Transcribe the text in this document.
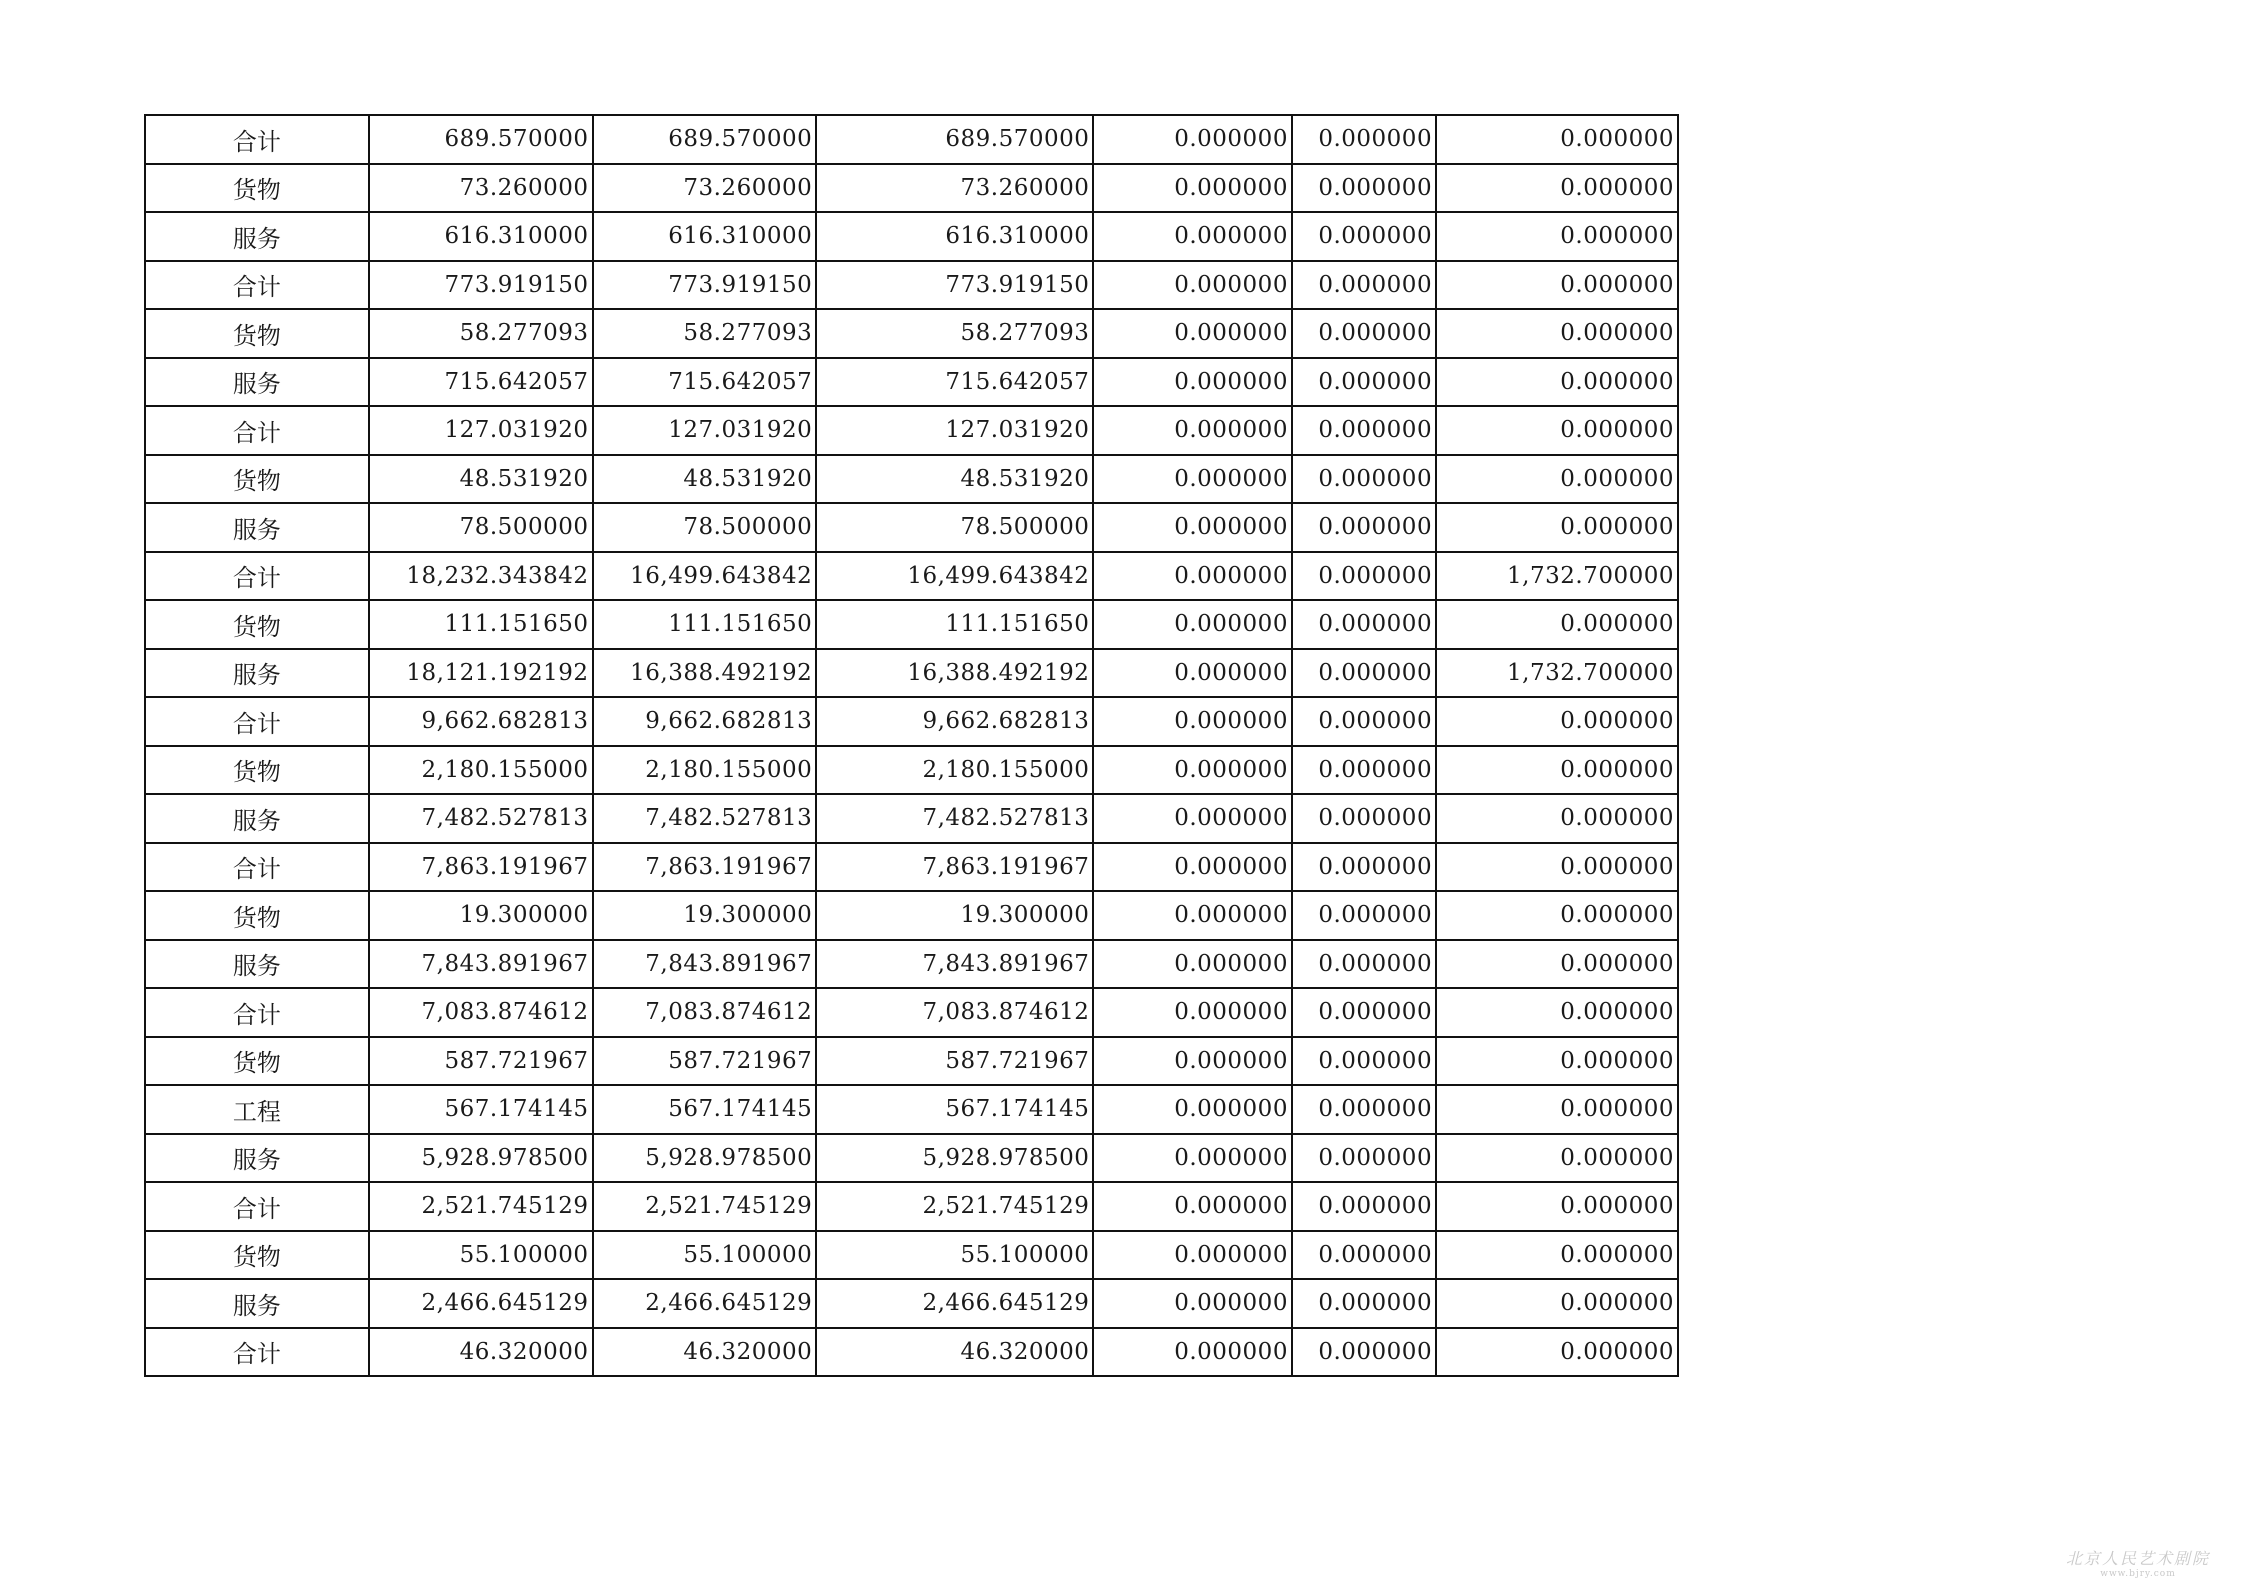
合计	689.570000	689.570000	689.570000	0.000000	0.000000	0.000000
货物	73.260000	73.260000	73.260000	0.000000	0.000000	0.000000
服务	616.310000	616.310000	616.310000	0.000000	0.000000	0.000000
合计	773.919150	773.919150	773.919150	0.000000	0.000000	0.000000
货物	58.277093	58.277093	58.277093	0.000000	0.000000	0.000000
服务	715.642057	715.642057	715.642057	0.000000	0.000000	0.000000
合计	127.031920	127.031920	127.031920	0.000000	0.000000	0.000000
货物	48.531920	48.531920	48.531920	0.000000	0.000000	0.000000
服务	78.500000	78.500000	78.500000	0.000000	0.000000	0.000000
合计	18,232.343842	16,499.643842	16,499.643842	0.000000	0.000000	1,732.700000
货物	111.151650	111.151650	111.151650	0.000000	0.000000	0.000000
服务	18,121.192192	16,388.492192	16,388.492192	0.000000	0.000000	1,732.700000
合计	9,662.682813	9,662.682813	9,662.682813	0.000000	0.000000	0.000000
货物	2,180.155000	2,180.155000	2,180.155000	0.000000	0.000000	0.000000
服务	7,482.527813	7,482.527813	7,482.527813	0.000000	0.000000	0.000000
合计	7,863.191967	7,863.191967	7,863.191967	0.000000	0.000000	0.000000
货物	19.300000	19.300000	19.300000	0.000000	0.000000	0.000000
服务	7,843.891967	7,843.891967	7,843.891967	0.000000	0.000000	0.000000
合计	7,083.874612	7,083.874612	7,083.874612	0.000000	0.000000	0.000000
货物	587.721967	587.721967	587.721967	0.000000	0.000000	0.000000
工程	567.174145	567.174145	567.174145	0.000000	0.000000	0.000000
服务	5,928.978500	5,928.978500	5,928.978500	0.000000	0.000000	0.000000
合计	2,521.745129	2,521.745129	2,521.745129	0.000000	0.000000	0.000000
货物	55.100000	55.100000	55.100000	0.000000	0.000000	0.000000
服务	2,466.645129	2,466.645129	2,466.645129	0.000000	0.000000	0.000000
合计	46.320000	46.320000	46.320000	0.000000	0.000000	0.000000
北京人民艺术剧院
www.bjry.com
